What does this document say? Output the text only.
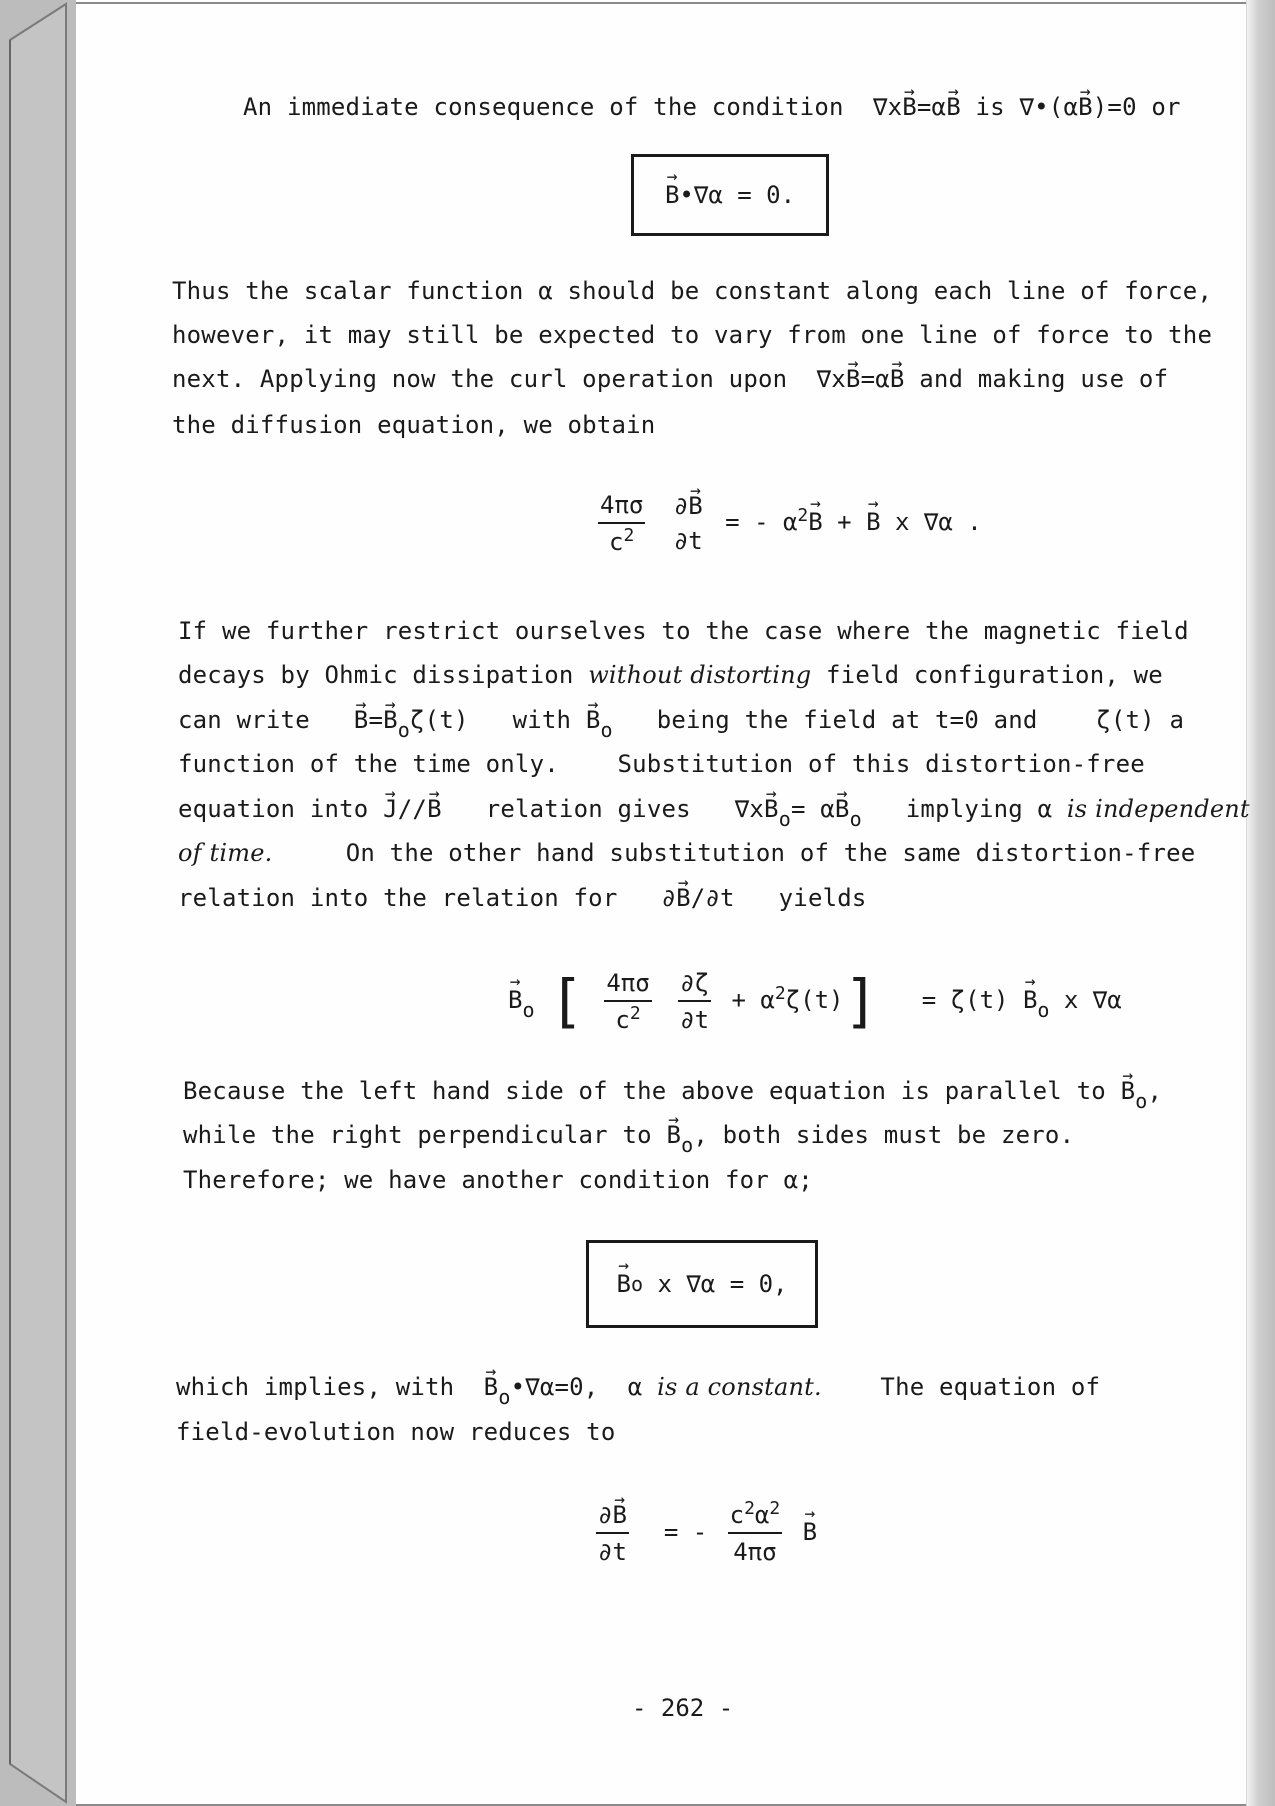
An immediate consequence of the condition ∇x→ B=α→ B is ∇•(α→ B)=0 or
→ B •∇α = 0.
Thus the scalar function α should be constant along each line of force,
however, it may still be expected to vary from one line of force to the
next. Applying now the curl operation upon ∇x→ B=α→ B and making use of
the diffusion equation, we obtain
$\frac{4\pi\sigma}{c^2}$
∂→ B
∂t
= - $\alpha^2\to B$ + → B x ∇α .
If we further restrict ourselves to the case where the magnetic field
decays by Ohmic dissipation without distorting field configuration, we
can write → $B=\to B_o\zeta(t)$ with → $B_o$ being the field at t=0 and ζ(t) a
function of the time only. Substitution of this distortion-free
equation into → J//→ B relation gives $\nabla x\to B_o= \alpha\to B_o$ implying α is independent
of time.	On the other hand substitution of the same distortion-free
relation into the relation for ∂→ B/∂t yields
→ $B_o$ [ $\frac{4\pi\sigma}{c^2}$
$\frac{\partial\zeta}{\partial t} + \alpha^2\zeta(t)] = \zeta(t) \to B_o$ x ∇α
Because the left hand side of the above equation is parallel to → $B_o$,
while the right perpendicular to → $B_o$, both sides must be zero.
Therefore; we have another condition for α;
→ B o
x ∇α = 0,
which implies, with → $B_o•\nabla\alpha=0$, α is a constant. The equation of
field-evolution now reduces to
$\frac{\partial\to B}{\partial t}$ = - $\frac{c^2\alpha^2}{4\pi\sigma} \to B$
- 262 -
